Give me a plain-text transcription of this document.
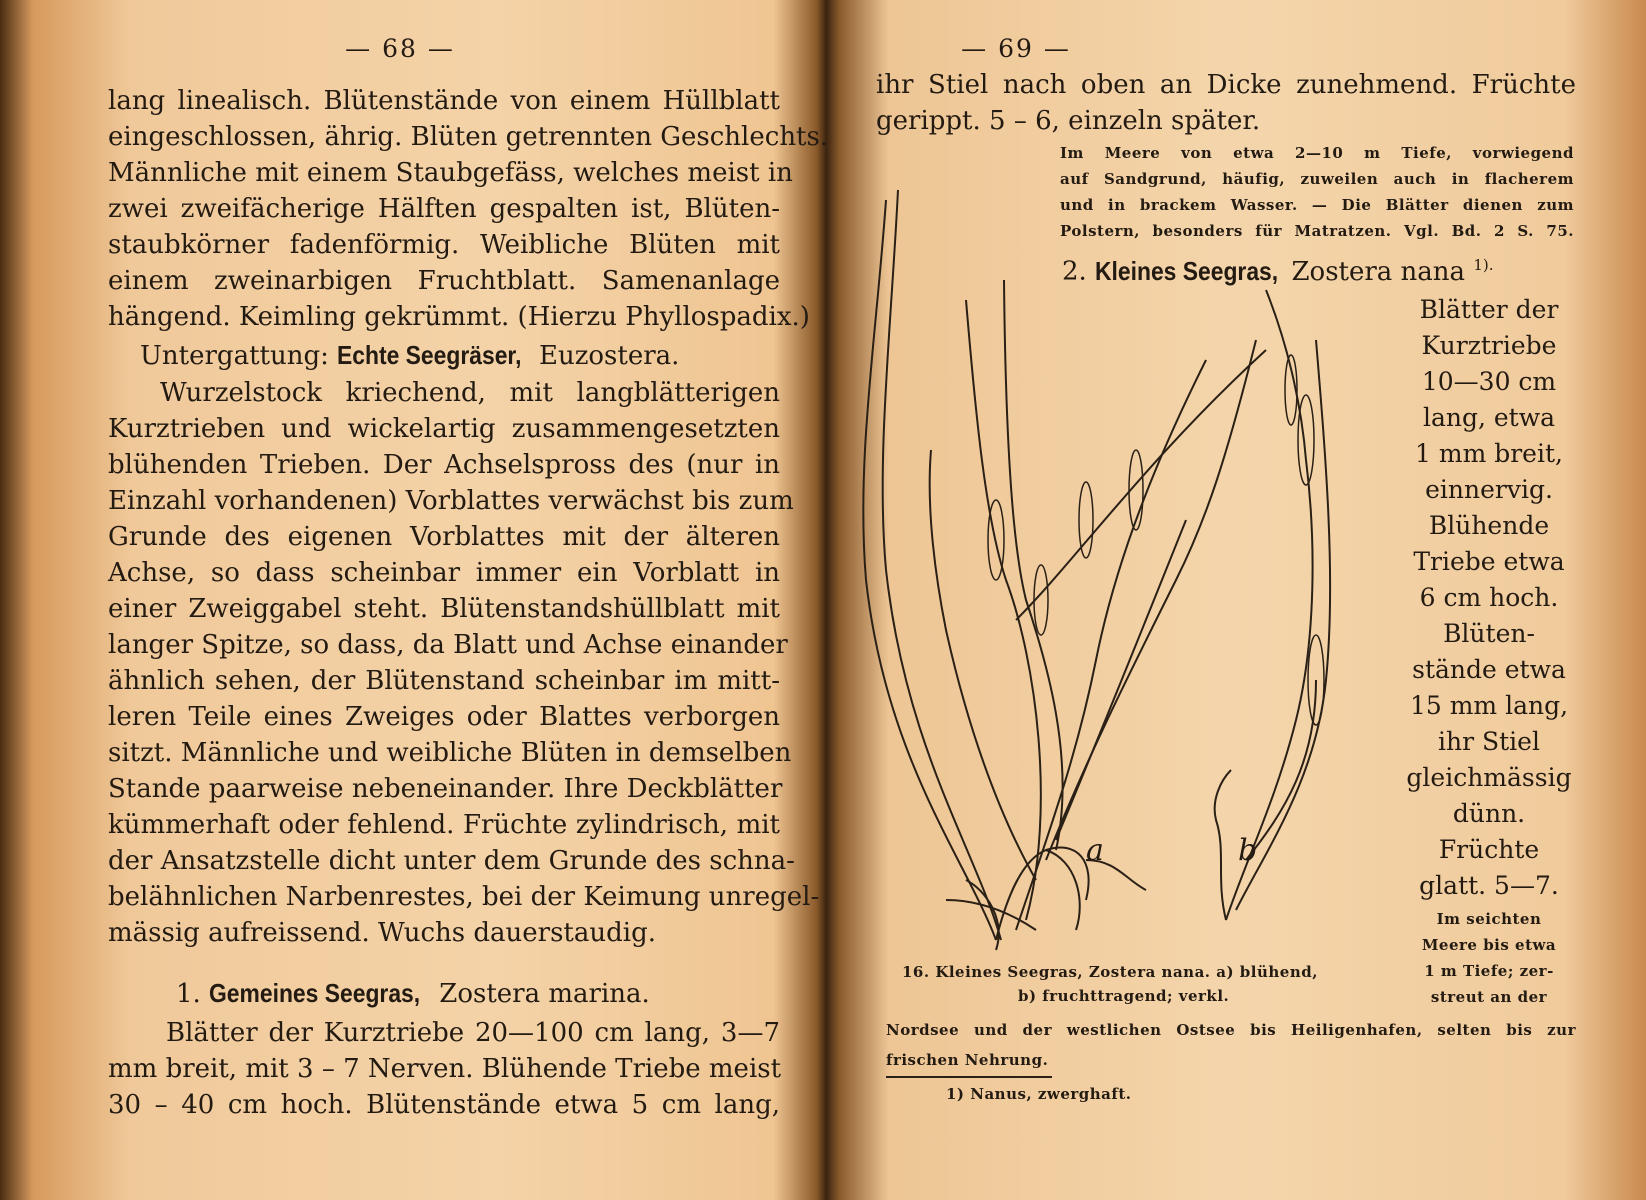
— 68 —
lang linealisch. Blütenstände von einem Hüllblatt
eingeschlossen, ährig. Blüten getrennten Geschlechts.
Männliche mit einem Staubgefäss, welches meist in
zwei zweifächerige Hälften gespalten ist, Blüten-
staubkörner fadenförmig. Weibliche Blüten mit
einem zweinarbigen Fruchtblatt. Samenanlage
hängend. Keimling gekrümmt. (Hierzu Phyllospadix.)
Untergattung: Echte Seegräser, Euzostera.
Wurzelstock kriechend, mit langblätterigen
Kurztrieben und wickelartig zusammengesetzten
blühenden Trieben. Der Achselspross des (nur in
Einzahl vorhandenen) Vorblattes verwächst bis zum
Grunde des eigenen Vorblattes mit der älteren
Achse, so dass scheinbar immer ein Vorblatt in
einer Zweiggabel steht. Blütenstandshüllblatt mit
langer Spitze, so dass, da Blatt und Achse einander
ähnlich sehen, der Blütenstand scheinbar im mitt-
leren Teile eines Zweiges oder Blattes verborgen
sitzt. Männliche und weibliche Blüten in demselben
Stande paarweise nebeneinander. Ihre Deckblätter
kümmerhaft oder fehlend. Früchte zylindrisch, mit
der Ansatzstelle dicht unter dem Grunde des schna-
belähnlichen Narbenrestes, bei der Keimung unregel-
mässig aufreissend. Wuchs dauerstaudig.
1. Gemeines Seegras, Zostera marina.
Blätter der Kurztriebe 20—100 cm lang, 3—7
mm breit, mit 3 – 7 Nerven. Blühende Triebe meist
30 – 40 cm hoch. Blütenstände etwa 5 cm lang,
— 69 —
ihr Stiel nach oben an Dicke zunehmend. Früchte
gerippt. 5 – 6, einzeln später.
Im Meere von etwa 2—10 m Tiefe, vorwiegend
auf Sandgrund, häufig, zuweilen auch in flacherem
und in brackem Wasser. — Die Blätter dienen zum
Polstern, besonders für Matratzen. Vgl. Bd. 2 S. 75.
2. Kleines Seegras, Zostera nana $^{1).}$
Blätter der
Kurztriebe
10—30 cm
lang, etwa
1 mm breit,
einnervig.
Blühende
Triebe etwa
6 cm hoch.
Blüten-
stände etwa
15 mm lang,
ihr Stiel
gleichmässig
dünn.
Früchte
glatt. 5—7.
Im seichten
Meere bis etwa
1 m Tiefe; zer-
streut an der
a	b
16. Kleines Seegras, Zostera nana. a) blühend,
b) fruchttragend; verkl.
Nordsee und der westlichen Ostsee bis Heiligenhafen, selten bis zur
frischen Nehrung.
1) Nanus, zwerghaft.
